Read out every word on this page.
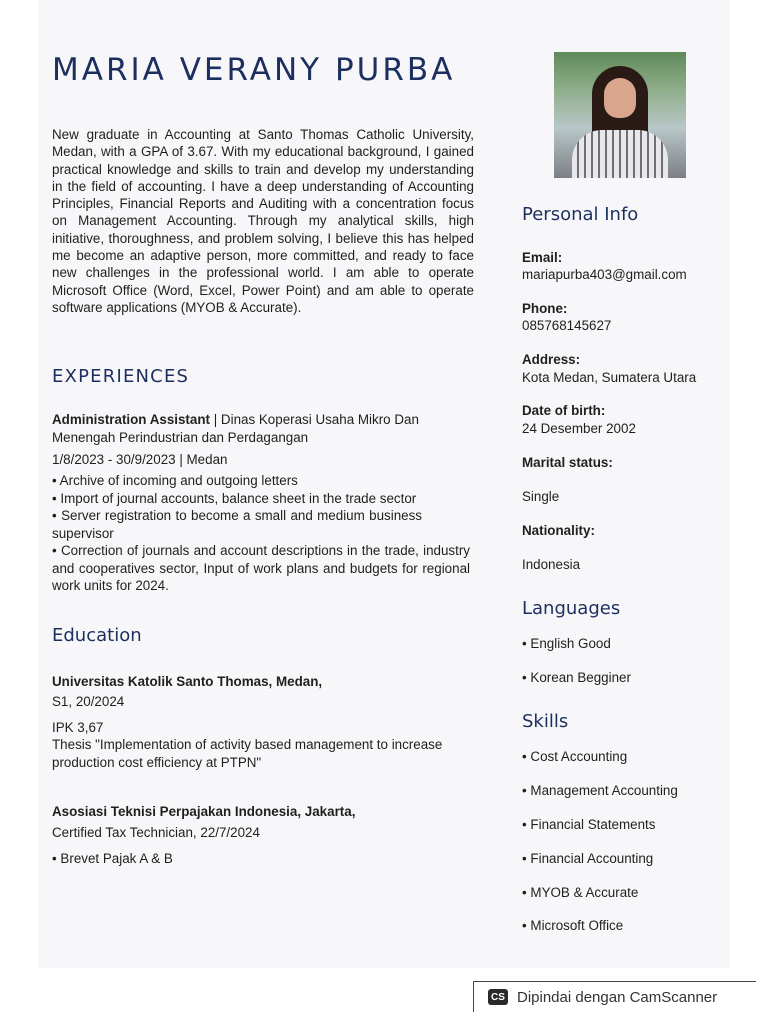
MARIA VERANY PURBA

New graduate in Accounting at Santo Thomas Catholic University, Medan, with a GPA of 3.67. With my educational background, I gained practical knowledge and skills to train and develop my understanding in the field of accounting. I have a deep understanding of Accounting Principles, Financial Reports and Auditing with a concentration focus on Management Accounting. Through my analytical skills, high initiative, thoroughness, and problem solving, I believe this has helped me become an adaptive person, more committed, and ready to face new challenges in the professional world. I am able to operate Microsoft Office (Word, Excel, Power Point) and am able to operate software applications (MYOB & Accurate).

EXPERIENCES

Administration Assistant | Dinas Koperasi Usaha Mikro Dan Menengah Perindustrian dan Perdagangan

1/8/2023 - 30/9/2023 | Medan

• Archive of incoming and outgoing letters
• Import of journal accounts, balance sheet in the trade sector
• Server registration to become a small and medium business supervisor
• Correction of journals and account descriptions in the trade, industry and cooperatives sector, Input of work plans and budgets for regional work units for 2024.
Education

Universitas Katolik Santo Thomas, Medan,

S1, 20/2024

IPK 3,67

Thesis "Implementation of activity based management to increase production cost efficiency at PTPN"

Asosiasi Teknisi Perpajakan Indonesia, Jakarta,

Certified Tax Technician, 22/7/2024

• Brevet Pajak A & B

Personal Info

Email:

mariapurba403@gmail.com

Phone:

085768145627

Address:

Kota Medan, Sumatera Utara

Date of birth:

24 Desember 2002

Marital status:

Single

Nationality:

Indonesia

Languages

• English Good

• Korean Begginer

Skills

• Cost Accounting

• Management Accounting

• Financial Statements

• Financial Accounting

• MYOB & Accurate

• Microsoft Office

CS Dipindai dengan CamScanner
